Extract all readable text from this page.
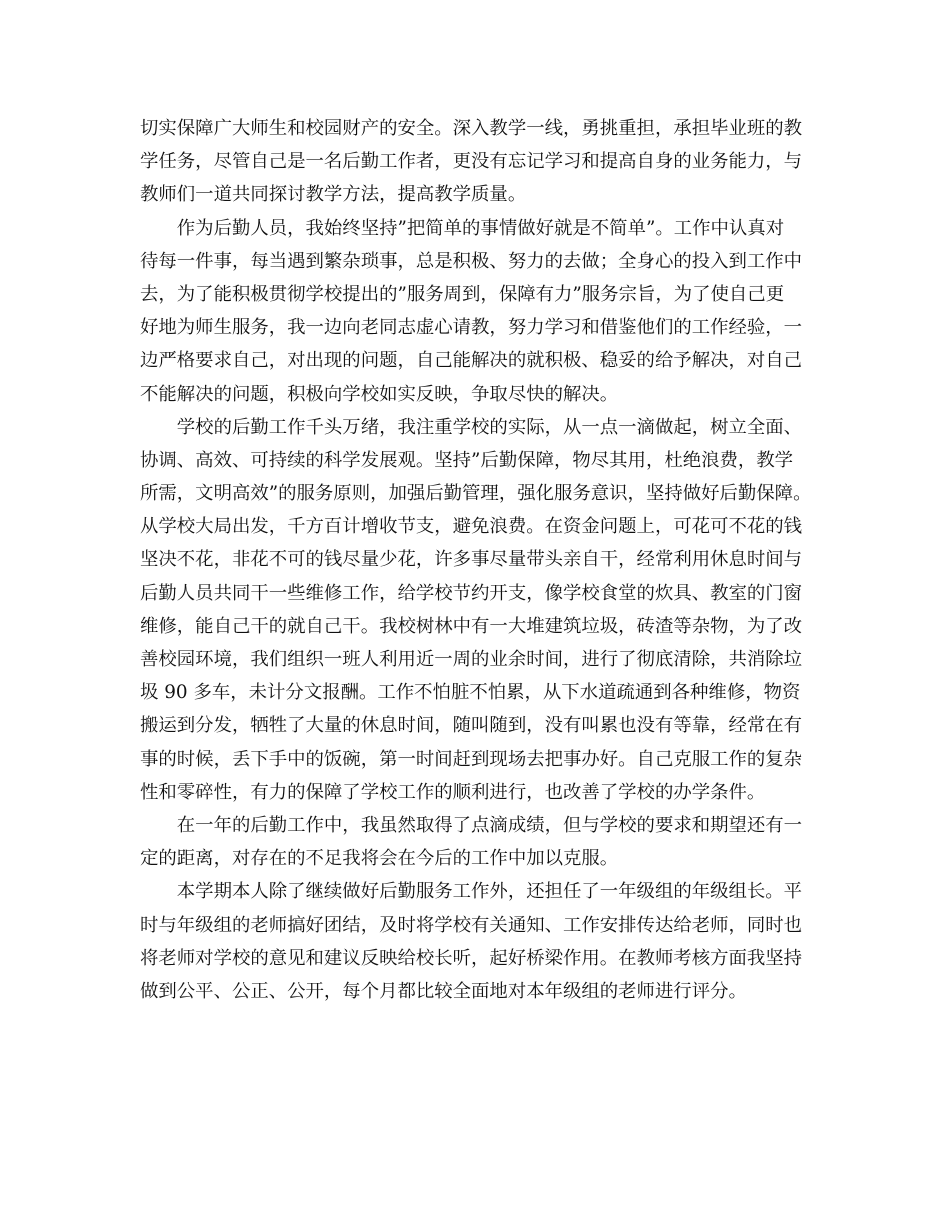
切实保障广大师生和校园财产的安全。深入教学一线，勇挑重担，承担毕业班的教
学任务，尽管自己是一名后勤工作者，更没有忘记学习和提高自身的业务能力，与
教师们一道共同探讨教学方法，提高教学质量。
　　作为后勤人员，我始终坚持”把简单的事情做好就是不简单”。工作中认真对
待每一件事，每当遇到繁杂琐事，总是积极、努力的去做；全身心的投入到工作中
去，为了能积极贯彻学校提出的”服务周到，保障有力”服务宗旨，为了使自己更
好地为师生服务，我一边向老同志虚心请教，努力学习和借鉴他们的工作经验，一
边严格要求自己，对出现的问题，自己能解决的就积极、稳妥的给予解决，对自己
不能解决的问题，积极向学校如实反映，争取尽快的解决。
　　学校的后勤工作千头万绪，我注重学校的实际，从一点一滴做起，树立全面、
协调、高效、可持续的科学发展观。坚持”后勤保障，物尽其用，杜绝浪费，教学
所需，文明高效”的服务原则，加强后勤管理，强化服务意识，坚持做好后勤保障。
从学校大局出发，千方百计增收节支，避免浪费。在资金问题上，可花可不花的钱
坚决不花，非花不可的钱尽量少花，许多事尽量带头亲自干，经常利用休息时间与
后勤人员共同干一些维修工作，给学校节约开支，像学校食堂的炊具、教室的门窗
维修，能自己干的就自己干。我校树林中有一大堆建筑垃圾，砖渣等杂物，为了改
善校园环境，我们组织一班人利用近一周的业余时间，进行了彻底清除，共消除垃
圾 90 多车，未计分文报酬。工作不怕脏不怕累，从下水道疏通到各种维修，物资
搬运到分发，牺牲了大量的休息时间，随叫随到，没有叫累也没有等靠，经常在有
事的时候，丢下手中的饭碗，第一时间赶到现场去把事办好。自己克服工作的复杂
性和零碎性，有力的保障了学校工作的顺利进行，也改善了学校的办学条件。
　　在一年的后勤工作中，我虽然取得了点滴成绩，但与学校的要求和期望还有一
定的距离，对存在的不足我将会在今后的工作中加以克服。
　　本学期本人除了继续做好后勤服务工作外，还担任了一年级组的年级组长。平
时与年级组的老师搞好团结，及时将学校有关通知、工作安排传达给老师，同时也
将老师对学校的意见和建议反映给校长听，起好桥梁作用。在教师考核方面我坚持
做到公平、公正、公开，每个月都比较全面地对本年级组的老师进行评分。
